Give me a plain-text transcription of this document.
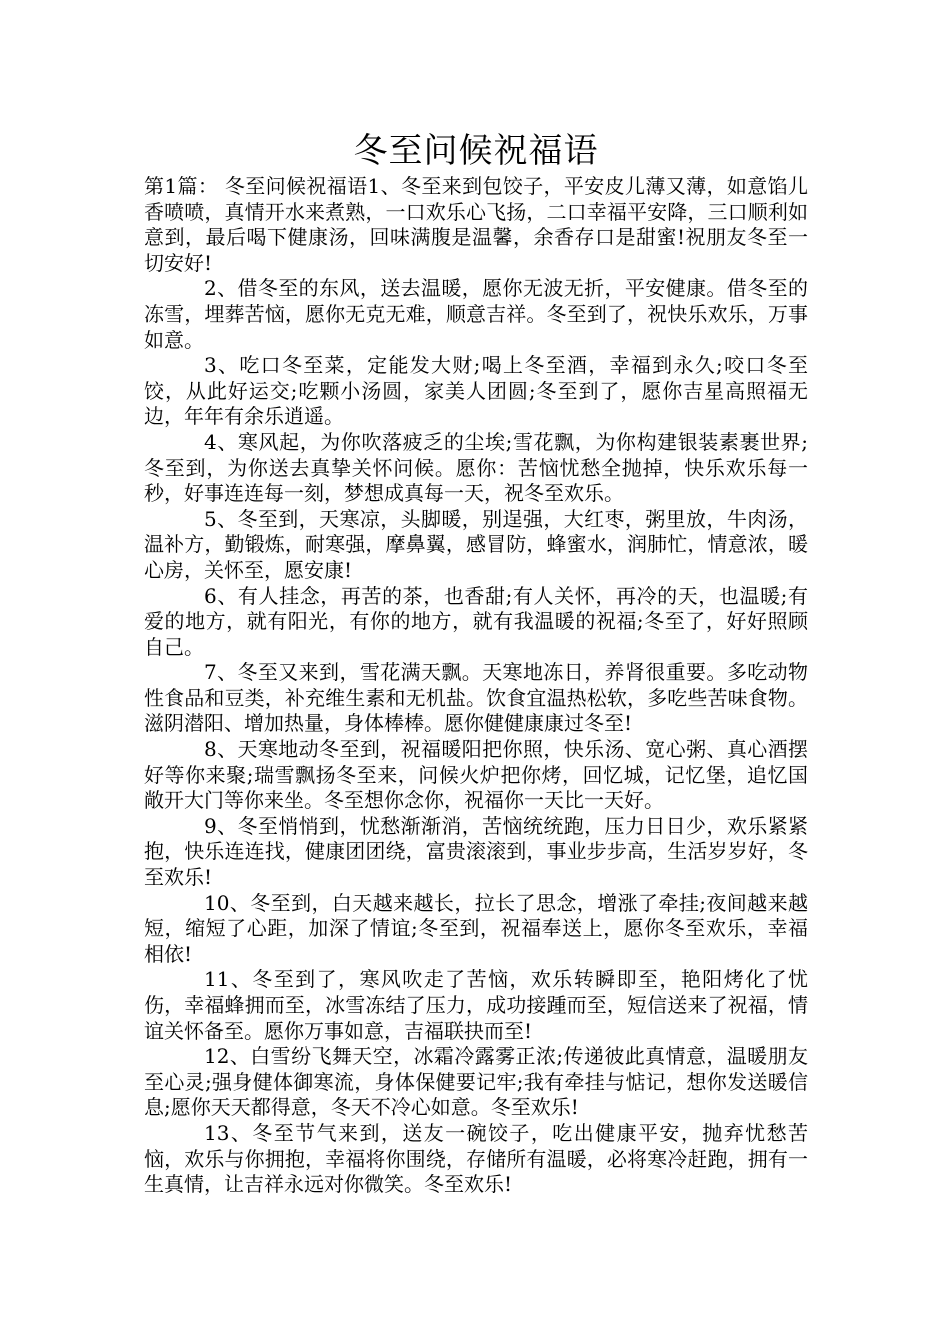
冬至问候祝福语

第1篇： 冬至问候祝福语1、冬至来到包饺子，平安皮儿薄又薄，如意馅儿香喷喷，真情开水来煮熟，一口欢乐心飞扬，二口幸福平安降，三口顺利如意到，最后喝下健康汤，回味满腹是温馨，余香存口是甜蜜!祝朋友冬至一切安好!

2、借冬至的东风，送去温暖，愿你无波无折，平安健康。借冬至的冻雪，埋葬苦恼，愿你无克无难，顺意吉祥。冬至到了，祝快乐欢乐，万事如意。

3、吃口冬至菜，定能发大财;喝上冬至酒，幸福到永久;咬口冬至饺，从此好运交;吃颗小汤圆，家美人团圆;冬至到了，愿你吉星高照福无边，年年有余乐逍遥。

4、寒风起，为你吹落疲乏的尘埃;雪花飘，为你构建银装素裹世界;冬至到，为你送去真挚关怀问候。愿你：苦恼忧愁全抛掉，快乐欢乐每一秒，好事连连每一刻，梦想成真每一天，祝冬至欢乐。

5、冬至到，天寒凉，头脚暖，别逞强，大红枣，粥里放，牛肉汤，温补方，勤锻炼，耐寒强，摩鼻翼，感冒防，蜂蜜水，润肺忙，情意浓，暖心房，关怀至，愿安康!

6、有人挂念，再苦的茶，也香甜;有人关怀，再冷的天，也温暖;有爱的地方，就有阳光，有你的地方，就有我温暖的祝福;冬至了，好好照顾自己。

7、冬至又来到，雪花满天飘。天寒地冻日，养肾很重要。多吃动物性食品和豆类，补充维生素和无机盐。饮食宜温热松软，多吃些苦味食物。滋阴潜阳、增加热量，身体棒棒。愿你健健康康过冬至!

8、天寒地动冬至到，祝福暖阳把你照，快乐汤、宽心粥、真心酒摆好等你来聚;瑞雪飘扬冬至来，问候火炉把你烤，回忆城，记忆堡，追忆国敞开大门等你来坐。冬至想你念你，祝福你一天比一天好。

9、冬至悄悄到，忧愁渐渐消，苦恼统统跑，压力日日少，欢乐紧紧抱，快乐连连找，健康团团绕，富贵滚滚到，事业步步高，生活岁岁好，冬至欢乐!

10、冬至到，白天越来越长，拉长了思念，增涨了牵挂;夜间越来越短，缩短了心距，加深了情谊;冬至到，祝福奉送上，愿你冬至欢乐，幸福相依!

11、冬至到了，寒风吹走了苦恼，欢乐转瞬即至，艳阳烤化了忧伤，幸福蜂拥而至，冰雪冻结了压力，成功接踵而至，短信送来了祝福，情谊关怀备至。愿你万事如意，吉福联抉而至!

12、白雪纷飞舞天空，冰霜冷露雾正浓;传递彼此真情意，温暖朋友至心灵;强身健体御寒流，身体保健要记牢;我有牵挂与惦记，想你发送暖信息;愿你天天都得意，冬天不冷心如意。冬至欢乐!

13、冬至节气来到，送友一碗饺子，吃出健康平安，抛弃忧愁苦恼，欢乐与你拥抱，幸福将你围绕，存储所有温暖，必将寒冷赶跑，拥有一生真情，让吉祥永远对你微笑。冬至欢乐!
